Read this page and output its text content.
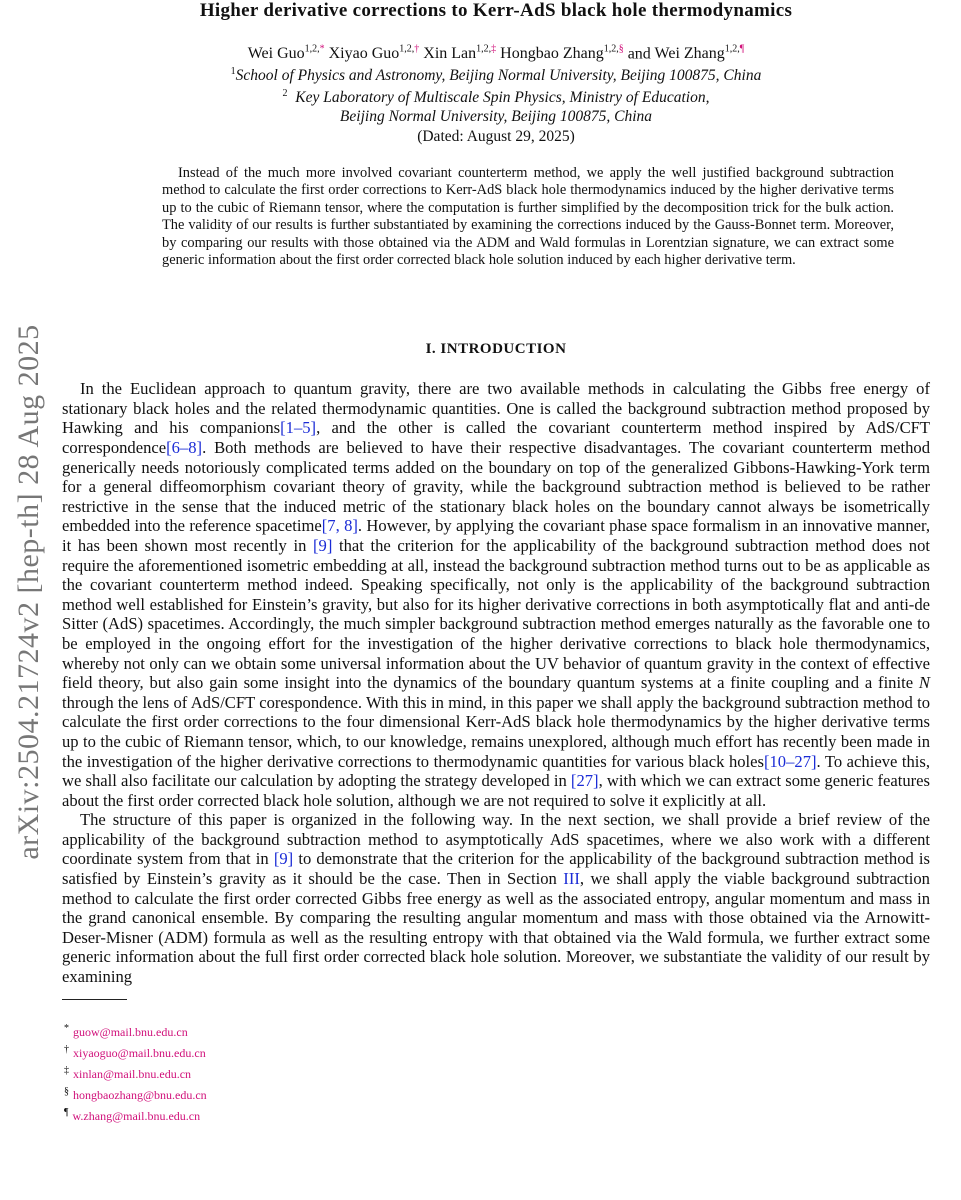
arXiv:2504.21724v2 [hep-th] 28 Aug 2025
Higher derivative corrections to Kerr-AdS black hole thermodynamics
Wei Guo$^{1,2,*}$ Xiyao Guo$^{1,2,\dagger}$ Xin Lan$^{1,2,\ddagger}$ Hongbao Zhang$^{1,2,\S}$ and Wei Zhang$^{1,2,\P}$
$^1$School of Physics and Astronomy, Beijing Normal University, Beijing 100875, China
$^2$ Key Laboratory of Multiscale Spin Physics, Ministry of Education,
Beijing Normal University, Beijing 100875, China
(Dated: August 29, 2025)

Instead of the much more involved covariant counterterm method, we apply the well justified background subtraction method to calculate the first order corrections to Kerr-AdS black hole thermodynamics induced by the higher derivative terms up to the cubic of Riemann tensor, where the computation is further simplified by the decomposition trick for the bulk action. The validity of our results is further substantiated by examining the corrections induced by the Gauss-Bonnet term. Moreover, by comparing our results with those obtained via the ADM and Wald formulas in Lorentzian signature, we can extract some generic information about the first order corrected black hole solution induced by each higher derivative term.

I. INTRODUCTION

In the Euclidean approach to quantum gravity, there are two available methods in calculating the Gibbs free energy of stationary black holes and the related thermodynamic quantities. One is called the background subtraction method proposed by Hawking and his companions[1–5], and the other is called the covariant counterterm method inspired by AdS/CFT correspondence[6–8]. Both methods are believed to have their respective disadvantages. The covariant counterterm method generically needs notoriously complicated terms added on the boundary on top of the generalized Gibbons-Hawking-York term for a general diffeomorphism covariant theory of gravity, while the background subtraction method is believed to be rather restrictive in the sense that the induced metric of the stationary black holes on the boundary cannot always be isometrically embedded into the reference spacetime[7, 8]. However, by applying the covariant phase space formalism in an innovative manner, it has been shown most recently in [9] that the criterion for the applicability of the background subtraction method does not require the aforementioned isometric embedding at all, instead the background subtraction method turns out to be as applicable as the covariant counterterm method indeed. Speaking specifically, not only is the applicability of the background subtraction method well established for Einstein’s gravity, but also for its higher derivative corrections in both asymptotically flat and anti-de Sitter (AdS) spacetimes. Accordingly, the much simpler background subtraction method emerges naturally as the favorable one to be employed in the ongoing effort for the investigation of the higher derivative corrections to black hole thermodynamics, whereby not only can we obtain some universal information about the UV behavior of quantum gravity in the context of effective field theory, but also gain some insight into the dynamics of the boundary quantum systems at a finite coupling and a finite N through the lens of AdS/CFT corespondence. With this in mind, in this paper we shall apply the background subtraction method to calculate the first order corrections to the four dimensional Kerr-AdS black hole thermodynamics by the higher derivative terms up to the cubic of Riemann tensor, which, to our knowledge, remains unexplored, although much effort has recently been made in the investigation of the higher derivative corrections to thermodynamic quantities for various black holes[10–27]. To achieve this, we shall also facilitate our calculation by adopting the strategy developed in [27], with which we can extract some generic features about the first order corrected black hole solution, although we are not required to solve it explicitly at all.

The structure of this paper is organized in the following way. In the next section, we shall provide a brief review of the applicability of the background subtraction method to asymptotically AdS spacetimes, where we also work with a different coordinate system from that in [9] to demonstrate that the criterion for the applicability of the background subtraction method is satisfied by Einstein’s gravity as it should be the case. Then in Section III, we shall apply the viable background subtraction method to calculate the first order corrected Gibbs free energy as well as the associated entropy, angular momentum and mass in the grand canonical ensemble. By comparing the resulting angular momentum and mass with those obtained via the Arnowitt-Deser-Misner (ADM) formula as well as the resulting entropy with that obtained via the Wald formula, we further extract some generic information about the full first order corrected black hole solution. Moreover, we substantiate the validity of our result by examining

* guow@mail.bnu.edu.cn
† xiyaoguo@mail.bnu.edu.cn
‡ xinlan@mail.bnu.edu.cn
§ hongbaozhang@bnu.edu.cn
¶ w.zhang@mail.bnu.edu.cn
